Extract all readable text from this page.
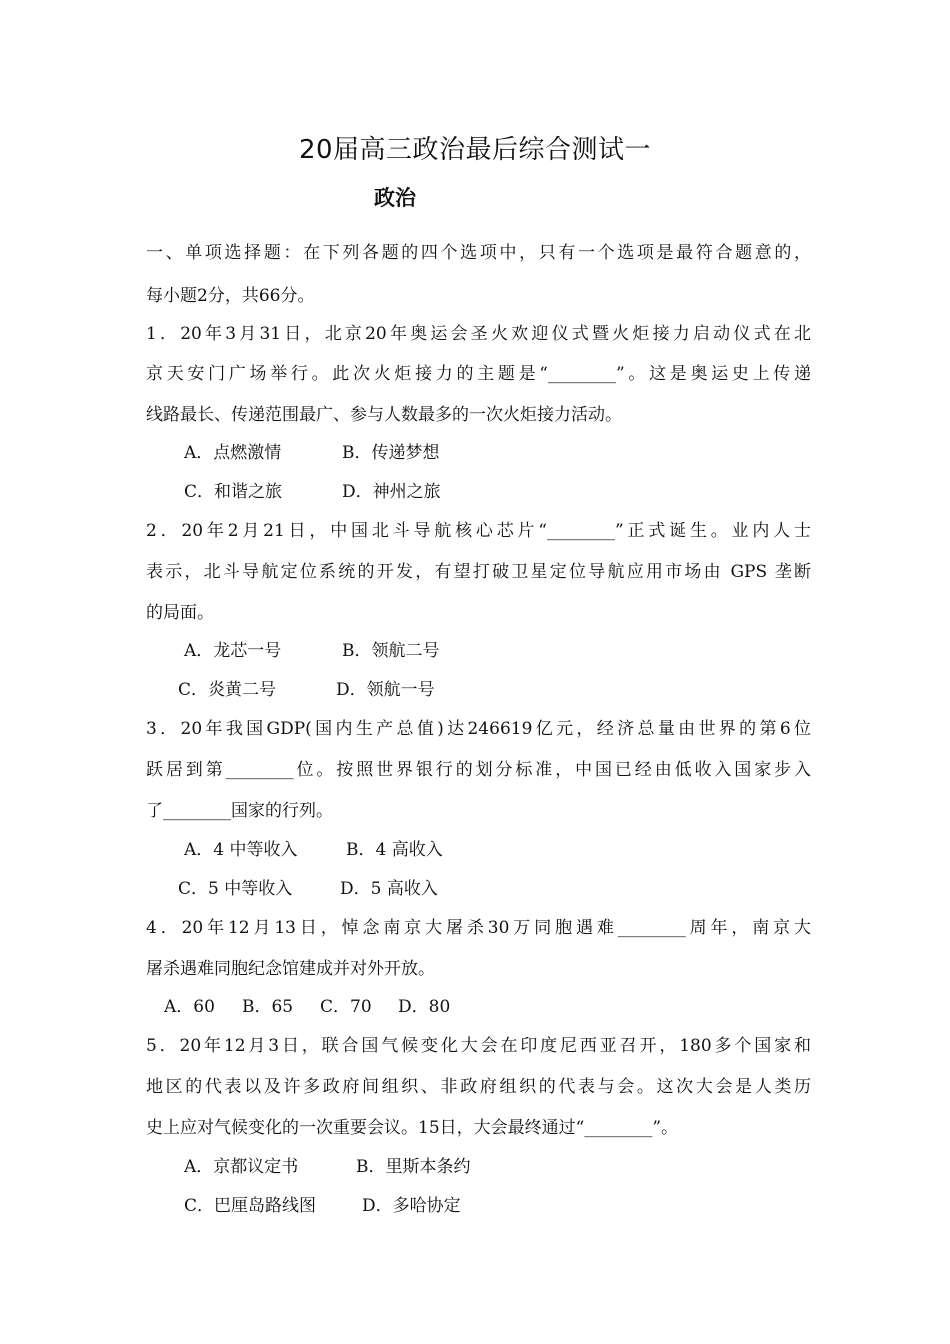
20届高三政治最后综合测试一
政治
一、单项选择题：在下列各题的四个选项中，只有一个选项是最符合题意的，
每小题2分，共66分。
1．20年3月31日，北京20年奥运会圣火欢迎仪式暨火炬接力启动仪式在北
京天安门广场举行。此次火炬接力的主题是“________”。这是奥运史上传递
线路最长、传递范围最广、参与人数最多的一次火炬接力活动。
A．点燃激情	B．传递梦想
C．和谐之旅	D．神州之旅
2．20年2月21日，中国北斗导航核心芯片“________”正式诞生。业内人士
表示，北斗导航定位系统的开发，有望打破卫星定位导航应用市场由 GPS 垄断
的局面。
A．龙芯一号	B．领航二号
C．炎黄二号	D．领航一号
3．20年我国GDP(国内生产总值)达246619亿元，经济总量由世界的第6位
跃居到第________位。按照世界银行的划分标准，中国已经由低收入国家步入
了________国家的行列。
A．4 中等收入	B．4 高收入
C．5 中等收入	D．5 高收入
4．20年12月13日，悼念南京大屠杀30万同胞遇难________周年，南京大
屠杀遇难同胞纪念馆建成并对外开放。
A．60 B．65 C．70 D．80
5．20年12月3日，联合国气候变化大会在印度尼西亚召开，180多个国家和
地区的代表以及许多政府间组织、非政府组织的代表与会。这次大会是人类历
史上应对气候变化的一次重要会议。15日，大会最终通过“________”。
A．京都议定书	B．里斯本条约
C．巴厘岛路线图	D．多哈协定
